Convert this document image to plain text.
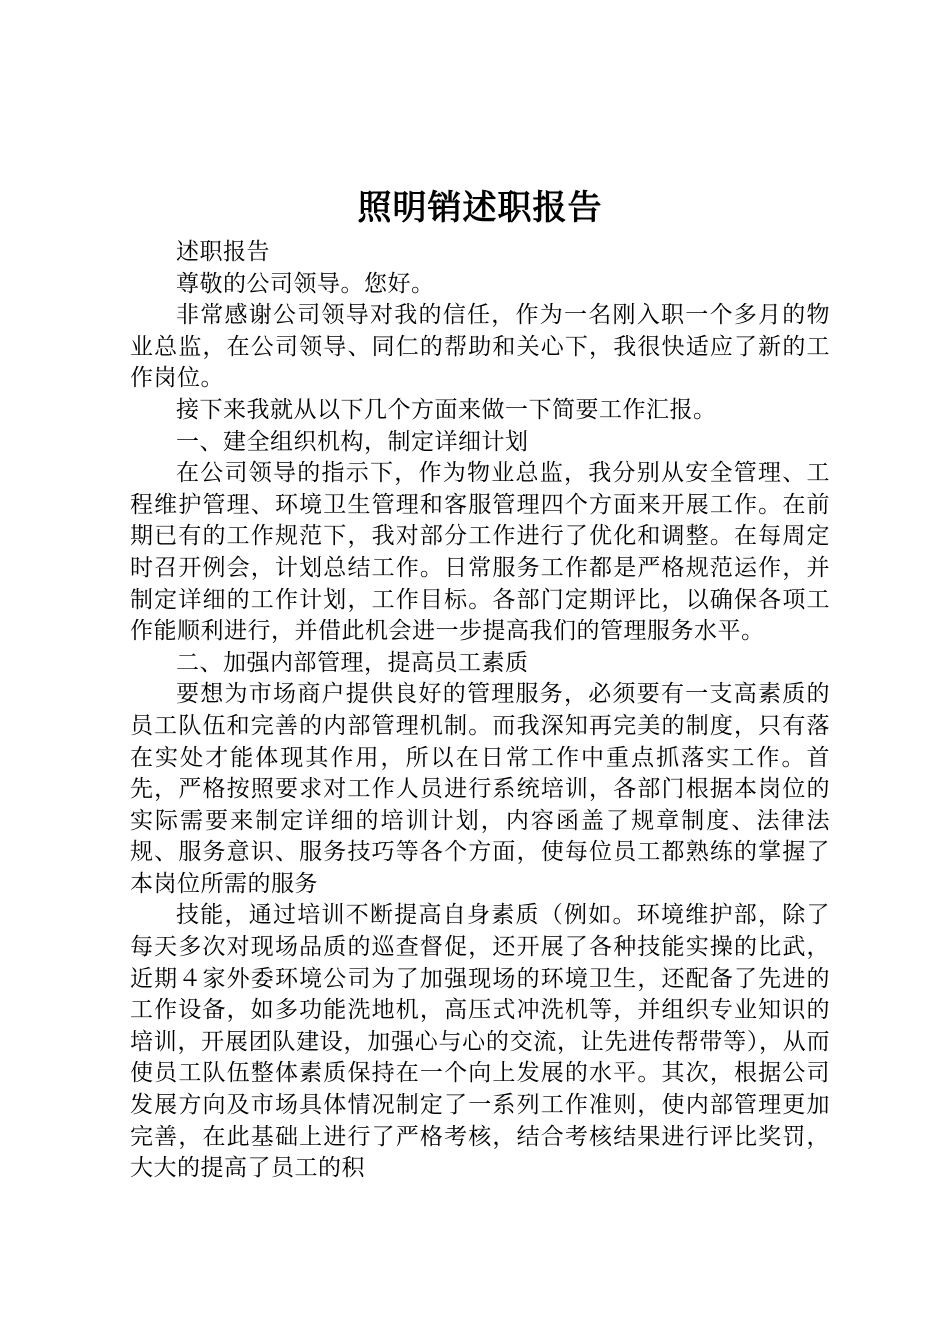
照明销述职报告

述职报告

尊敬的公司领导。您好。

非常感谢公司领导对我的信任，作为一名刚入职一个多月的物业总监，在公司领导、同仁的帮助和关心下，我很快适应了新的工作岗位。

接下来我就从以下几个方面来做一下简要工作汇报。

一、建全组织机构，制定详细计划

在公司领导的指示下，作为物业总监，我分别从安全管理、工程维护管理、环境卫生管理和客服管理四个方面来开展工作。在前期已有的工作规范下，我对部分工作进行了优化和调整。在每周定时召开例会，计划总结工作。日常服务工作都是严格规范运作，并制定详细的工作计划，工作目标。各部门定期评比，以确保各项工作能顺利进行，并借此机会进一步提高我们的管理服务水平。

二、加强内部管理，提高员工素质

要想为市场商户提供良好的管理服务，必须要有一支高素质的员工队伍和完善的内部管理机制。而我深知再完美的制度，只有落在实处才能体现其作用，所以在日常工作中重点抓落实工作。首先，严格按照要求对工作人员进行系统培训，各部门根据本岗位的实际需要来制定详细的培训计划，内容函盖了规章制度、法律法规、服务意识、服务技巧等各个方面，使每位员工都熟练的掌握了本岗位所需的服务

技能，通过培训不断提高自身素质（例如。环境维护部，除了每天多次对现场品质的巡查督促，还开展了各种技能实操的比武，近期４家外委环境公司为了加强现场的环境卫生，还配备了先进的工作设备，如多功能洗地机，高压式冲洗机等，并组织专业知识的培训，开展团队建设，加强心与心的交流，让先进传帮带等），从而使员工队伍整体素质保持在一个向上发展的水平。其次，根据公司发展方向及市场具体情况制定了一系列工作准则，使内部管理更加完善，在此基础上进行了严格考核，结合考核结果进行评比奖罚，大大的提高了员工的积
